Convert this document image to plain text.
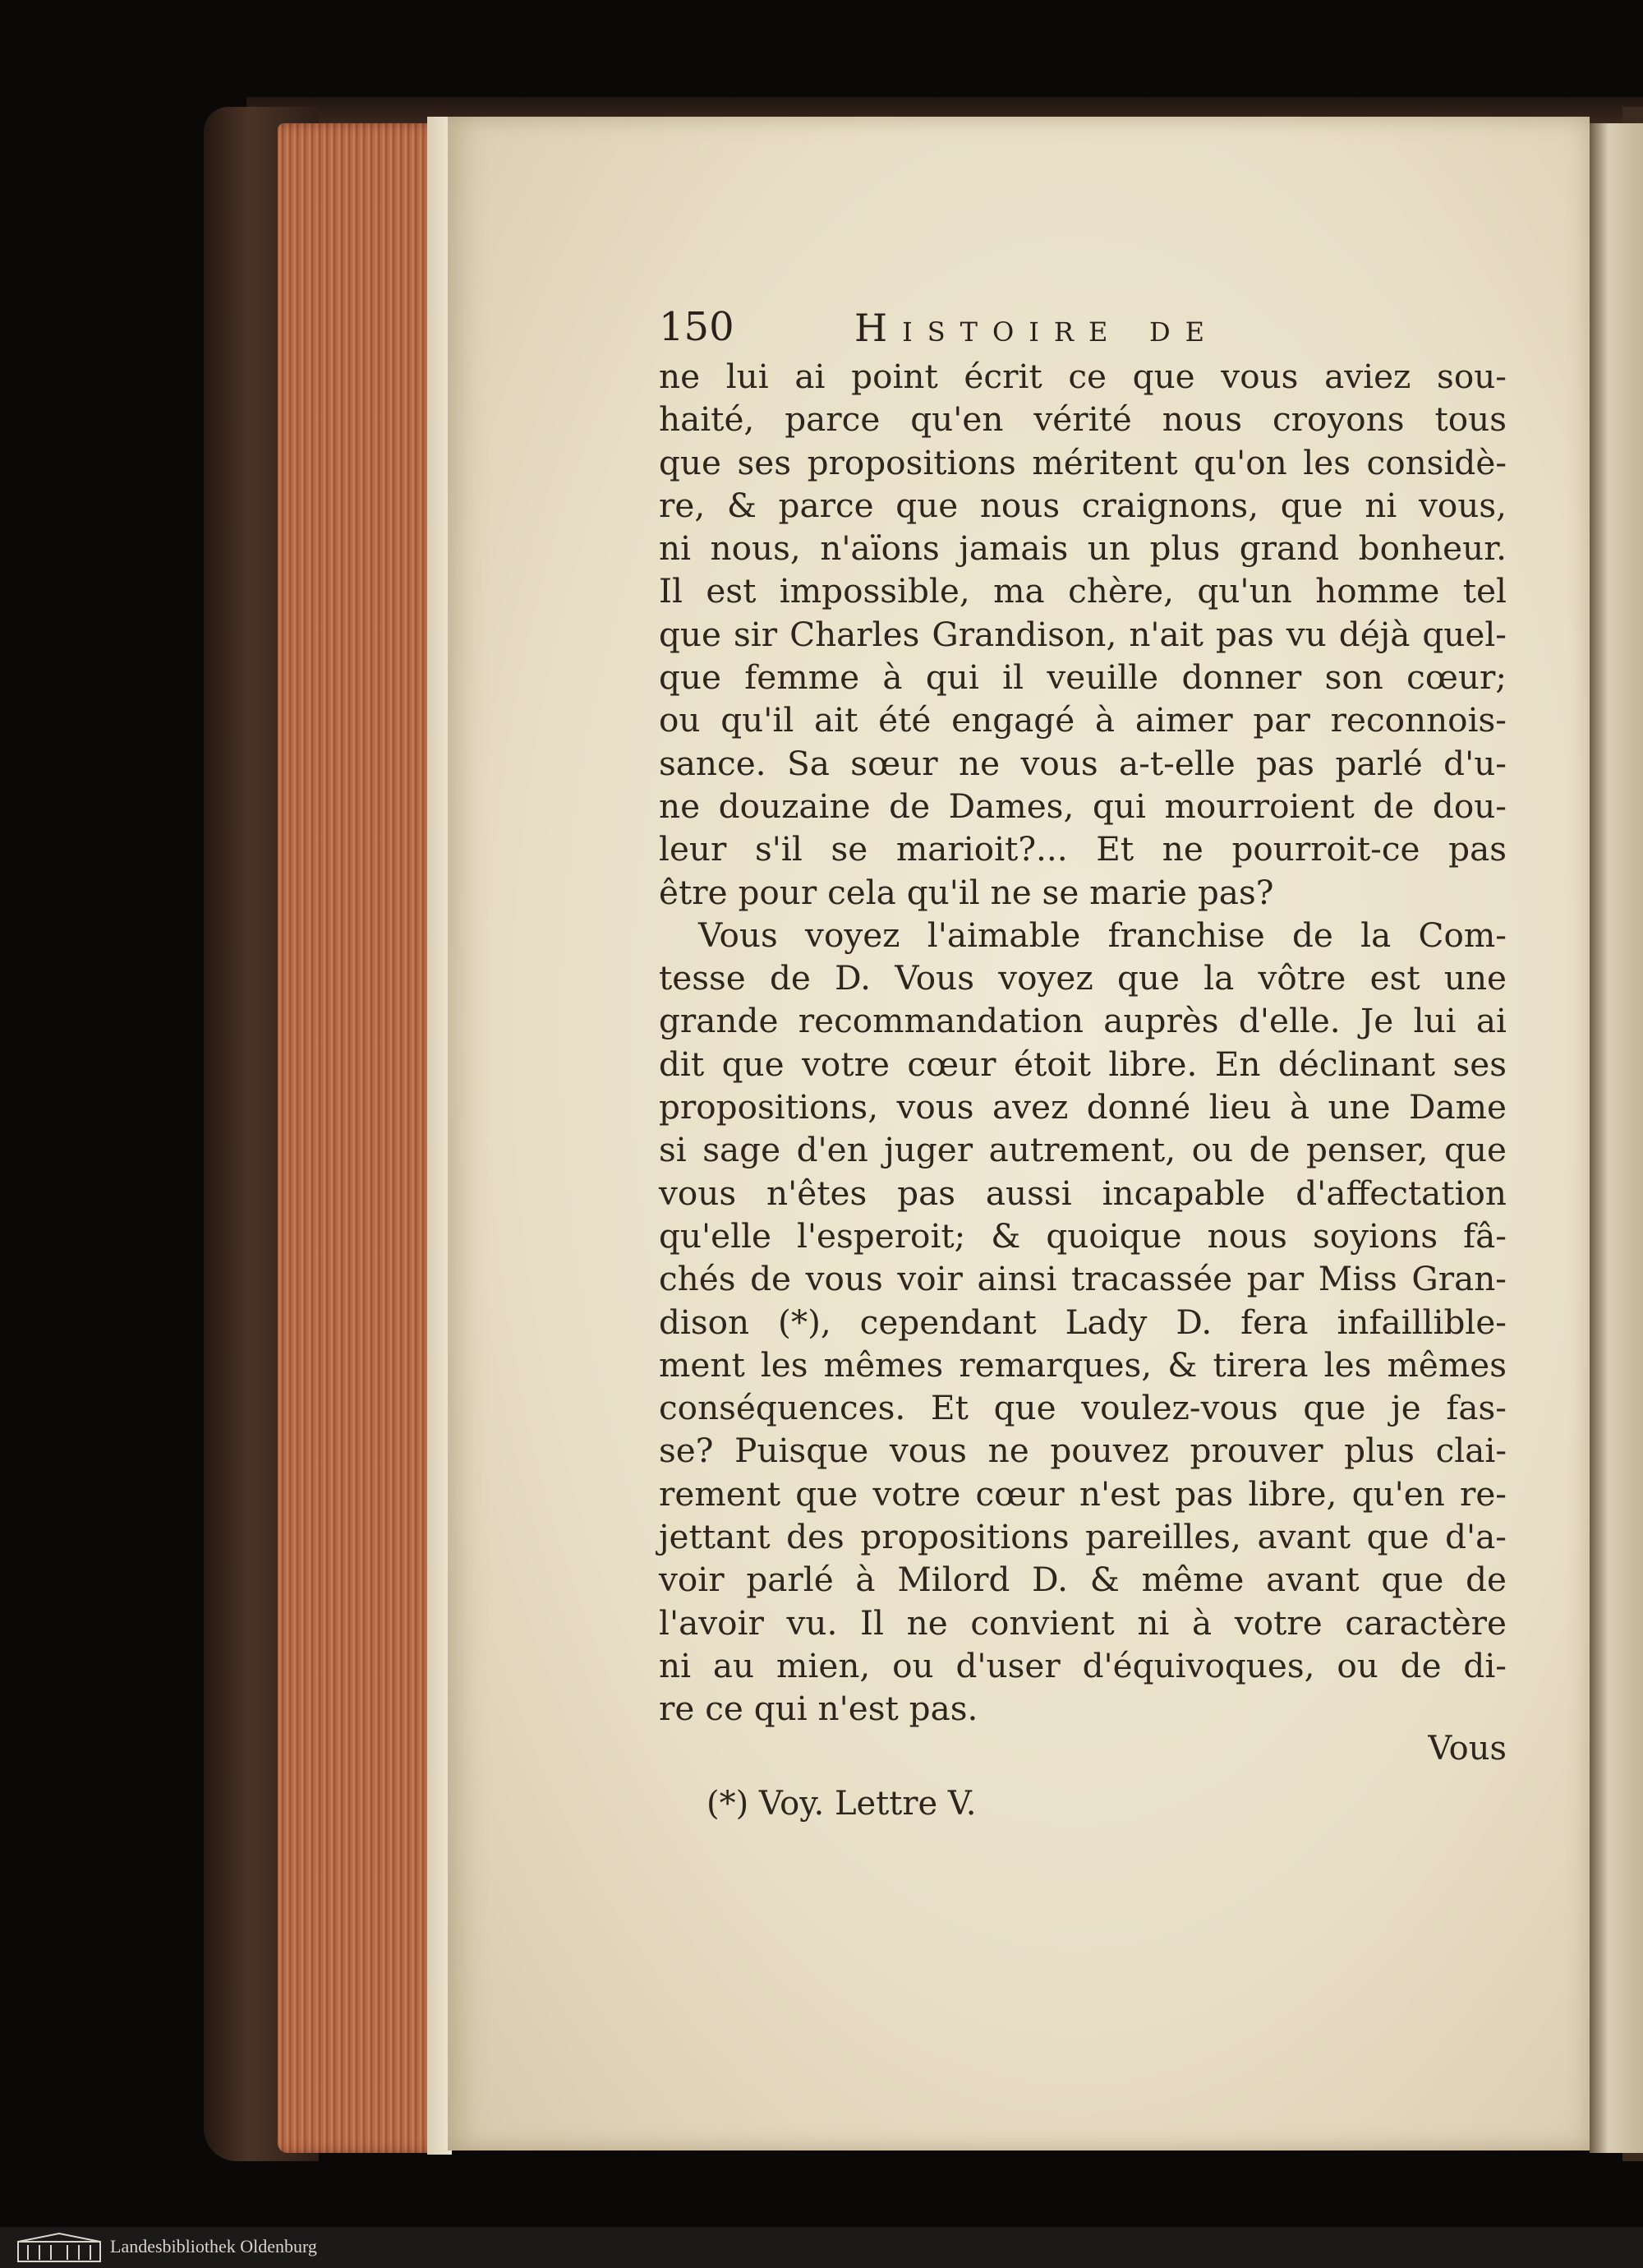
150	Histoire de
ne lui ai point écrit ce que vous aviez sou-
haité, parce qu'en vérité nous croyons tous
que ses propositions méritent qu'on les considè-
re, & parce que nous craignons, que ni vous,
ni nous, n'aïons jamais un plus grand bonheur.
Il est impossible, ma chère, qu'un homme tel
que sir Charles Grandison, n'ait pas vu déjà quel-
que femme à qui il veuille donner son cœur;
ou qu'il ait été engagé à aimer par reconnois-
sance. Sa sœur ne vous a-t-elle pas parlé d'u-
ne douzaine de Dames, qui mourroient de dou-
leur s'il se marioit?... Et ne pourroit-ce pas
être pour cela qu'il ne se marie pas?
Vous voyez l'aimable franchise de la Com-
tesse de D. Vous voyez que la vôtre est une
grande recommandation auprès d'elle. Je lui ai
dit que votre cœur étoit libre. En déclinant ses
propositions, vous avez donné lieu à une Dame
si sage d'en juger autrement, ou de penser, que
vous n'êtes pas aussi incapable d'affectation
qu'elle l'esperoit; & quoique nous soyions fâ-
chés de vous voir ainsi tracassée par Miss Gran-
dison (*), cependant Lady D. fera infaillible-
ment les mêmes remarques, & tirera les mêmes
conséquences. Et que voulez-vous que je fas-
se? Puisque vous ne pouvez prouver plus clai-
rement que votre cœur n'est pas libre, qu'en re-
jettant des propositions pareilles, avant que d'a-
voir parlé à Milord D. & même avant que de
l'avoir vu. Il ne convient ni à votre caractère
ni au mien, ou d'user d'équivoques, ou de di-
re ce qui n'est pas.
Vous
(*) Voy. Lettre V.
Landesbibliothek Oldenburg
